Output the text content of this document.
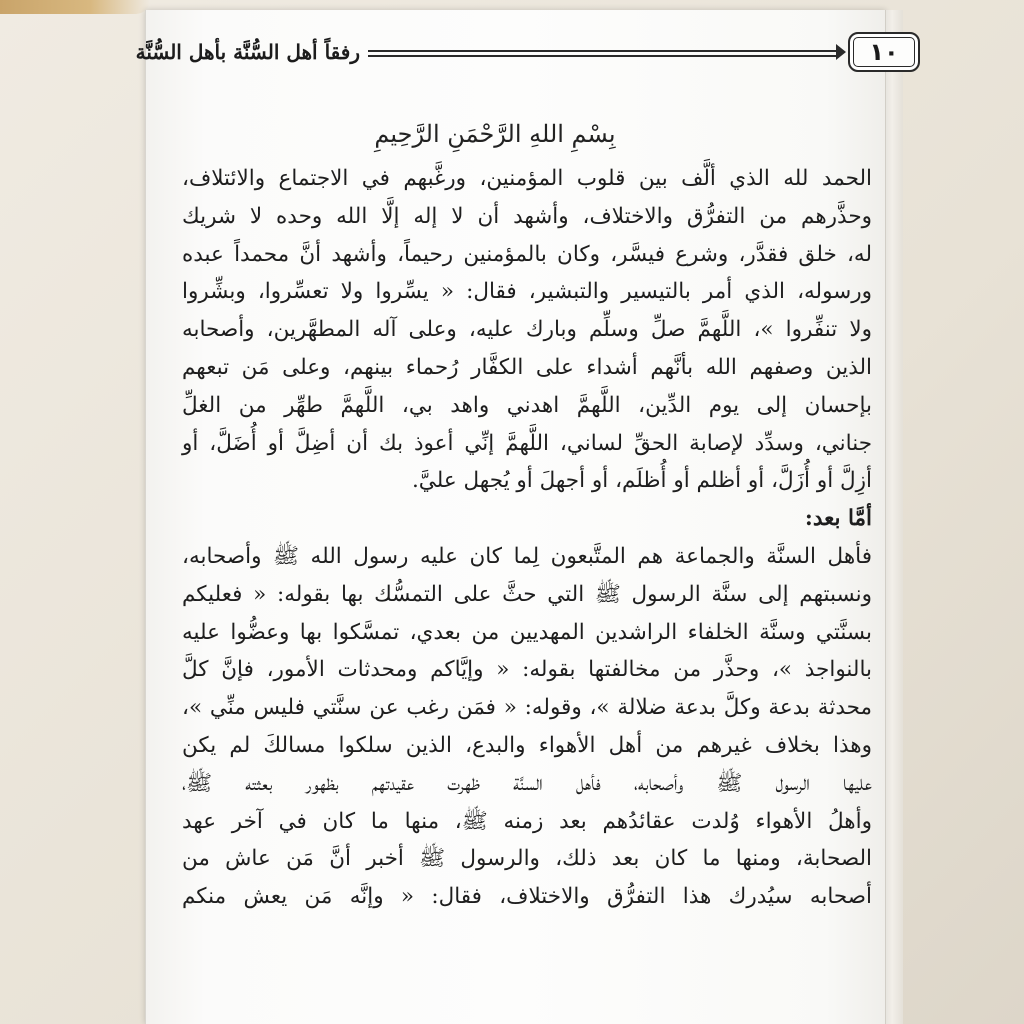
رفقاً أهل السُّنَّة بأهل السُّنَّة	١٠
بِسْمِ اللهِ الرَّحْمَنِ الرَّحِيمِ
الحمد لله الذي ألَّف بين قلوب المؤمنين، ورغَّبهم في الاجتماع والائتلاف،
وحذَّرهم من التفرُّق والاختلاف، وأشهد أن لا إله إلَّا الله وحده لا شريك
له، خلق فقدَّر، وشرع فيسَّر، وكان بالمؤمنين رحيماً، وأشهد أنَّ محمداً عبده
ورسوله، الذي أمر بالتيسير والتبشير، فقال: « يسِّروا ولا تعسِّروا، وبشِّروا
ولا تنفِّروا »، اللَّهمَّ صلِّ وسلِّم وبارك عليه، وعلى آله المطهَّرين، وأصحابه
الذين وصفهم الله بأنَّهم أشداء على الكفَّار رُحماء بينهم، وعلى مَن تبعهم
بإحسان إلى يوم الدِّين، اللَّهمَّ اهدني واهد بي، اللَّهمَّ طهِّر من الغلِّ
جناني، وسدِّد لإصابة الحقِّ لساني، اللَّهمَّ إنِّي أعوذ بك أن أضِلَّ أو أُضَلَّ، أو
أزِلَّ أو أُزَلَّ، أو أظلم أو أُظلَم، أو أجهلَ أو يُجهل عليَّ.
أمَّا بعد:
فأهل السنَّة والجماعة هم المتَّبعون لِما كان عليه رسول الله ﷺ وأصحابه،
ونسبتهم إلى سنَّة الرسول ﷺ التي حثَّ على التمسُّك بها بقوله: « فعليكم
بسنَّتي وسنَّة الخلفاء الراشدين المهديين من بعدي، تمسَّكوا بها وعضُّوا عليه
بالنواجذ »، وحذَّر من مخالفتها بقوله: « وإيَّاكم ومحدثات الأمور، فإنَّ كلَّ
محدثة بدعة وكلَّ بدعة ضلالة »، وقوله: « فمَن رغب عن سنَّتي فليس منِّي »،
وهذا بخلاف غيرهم من أهل الأهواء والبدع، الذين سلكوا مسالكَ لم يكن
عليها الرسول ﷺ وأصحابه، فأهل السنَّة ظهرت عقيدتهم بظهور بعثته ﷺ،
وأهلُ الأهواء وُلدت عقائدُهم بعد زمنه ﷺ، منها ما كان في آخر عهد
الصحابة، ومنها ما كان بعد ذلك، والرسول ﷺ أخبر أنَّ مَن عاش من
أصحابه سيُدرك هذا التفرُّق والاختلاف، فقال: « وإنَّه مَن يعش منكم
